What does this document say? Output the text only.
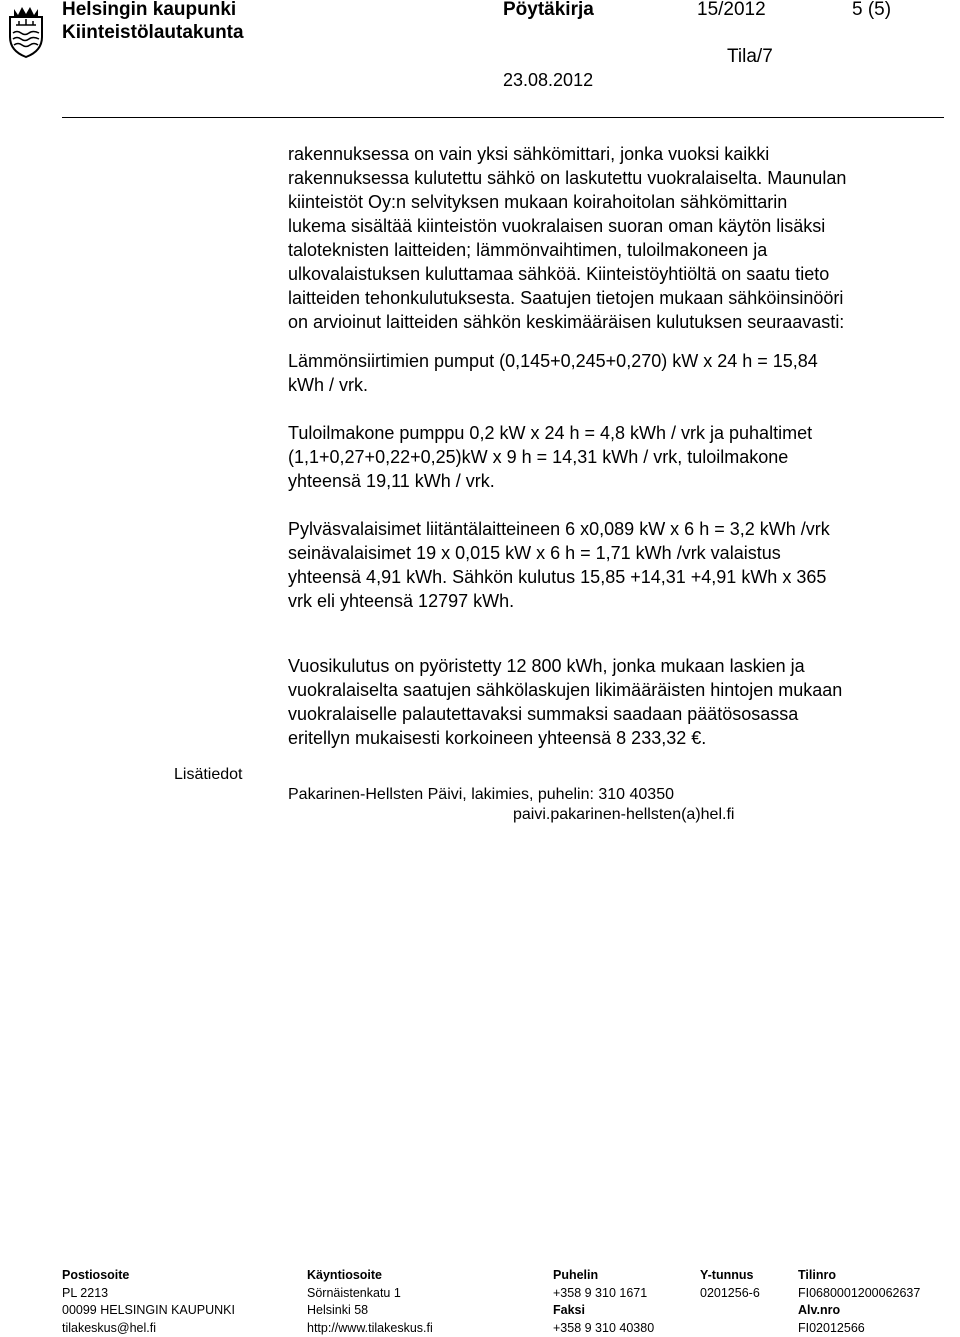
Helsingin kaupunki
Kiinteistölautakunta
Pöytäkirja	15/2012	5 (5)
Tila/7
23.08.2012
rakennuksessa on vain yksi sähkömittari, jonka vuoksi kaikki
rakennuksessa kulutettu sähkö on laskutettu vuokralaiselta. Maunulan
kiinteistöt Oy:n selvityksen mukaan koirahoitolan sähkömittarin
lukema sisältää kiinteistön vuokralaisen suoran oman käytön lisäksi
taloteknisten laitteiden; lämmönvaihtimen, tuloilmakoneen ja
ulkovalaistuksen kuluttamaa sähköä. Kiinteistöyhtiöltä on saatu tieto
laitteiden tehonkulutuksesta. Saatujen tietojen mukaan sähköinsinööri
on arvioinut laitteiden sähkön keskimääräisen kulutuksen seuraavasti:
Lämmönsiirtimien pumput (0,145+0,245+0,270) kW x 24 h = 15,84
kWh / vrk.
Tuloilmakone pumppu 0,2 kW x 24 h = 4,8 kWh / vrk ja puhaltimet
(1,1+0,27+0,22+0,25)kW x 9 h = 14,31 kWh / vrk, tuloilmakone
yhteensä 19,11 kWh / vrk.
Pylväsvalaisimet liitäntälaitteineen 6 x0,089 kW x 6 h = 3,2 kWh /vrk
seinävalaisimet 19 x 0,015 kW x 6 h = 1,71 kWh /vrk valaistus
yhteensä 4,91 kWh. Sähkön kulutus 15,85 +14,31 +4,91 kWh x 365
vrk eli yhteensä 12797 kWh.
Vuosikulutus on pyöristetty 12 800 kWh, jonka mukaan laskien ja
vuokralaiselta saatujen sähkölaskujen likimääräisten hintojen mukaan
vuokralaiselle palautettavaksi summaksi saadaan päätösosassa
eritellyn mukaisesti korkoineen yhteensä 8 233,32 €.
Lisätiedot
Pakarinen-Hellsten Päivi, lakimies, puhelin: 310 40350
paivi.pakarinen-hellsten(a)hel.fi
Postiosoite
PL 2213
00099 HELSINGIN KAUPUNKI
tilakeskus@hel.fi
Käyntiosoite
Sörnäistenkatu 1
Helsinki 58
http://www.tilakeskus.fi
Puhelin
+358 9 310 1671
Faksi
+358 9 310 40380
Y-tunnus
0201256-6
Tilinro
FI0680001200062637
Alv.nro
FI02012566
